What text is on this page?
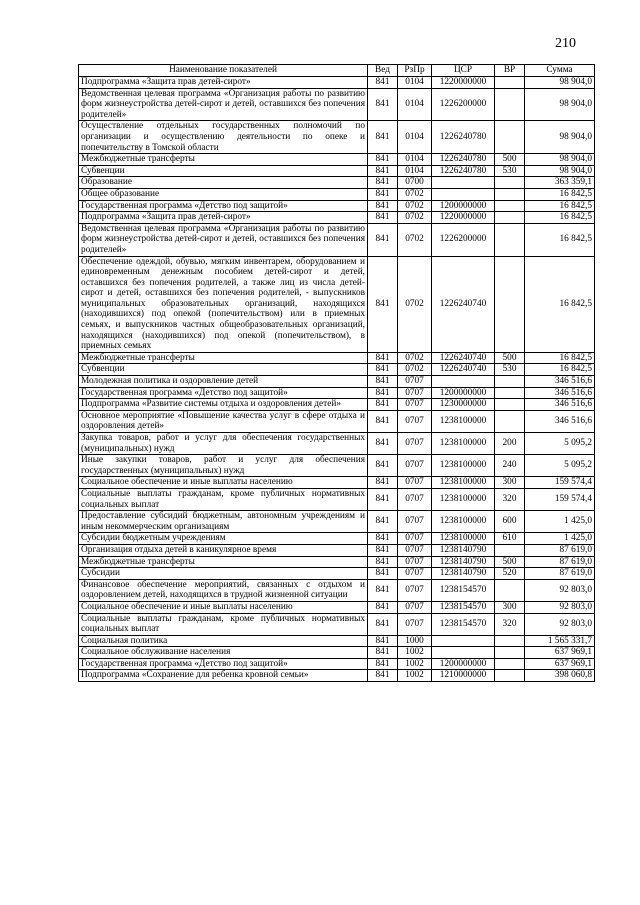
210
Наименование показателей	Вед	РзПр	ЦСР	ВР	Сумма
Подпрограмма «Защита прав детей-сирот»	841	0104	1220000000		98 904,0
Ведомственная целевая программа «Организация работы по развитию форм жизнеустройства детей-сирот и детей, оставшихся без попечения родителей»	841	0104	1226200000		98 904,0
Осуществление отдельных государственных полномочий по организации и осуществлению деятельности по опеке и попечительству в Томской области	841	0104	1226240780		98 904,0
Межбюджетные трансферты	841	0104	1226240780	500	98 904,0
Субвенции	841	0104	1226240780	530	98 904,0
Образование	841	0700			363 359,1
Общее образование	841	0702			16 842,5
Государственная программа «Детство под защитой»	841	0702	1200000000		16 842,5
Подпрограмма «Защита прав детей-сирот»	841	0702	1220000000		16 842,5
Ведомственная целевая программа «Организация работы по развитию форм жизнеустройства детей-сирот и детей, оставшихся без попечения родителей»	841	0702	1226200000		16 842,5
Обеспечение одеждой, обувью, мягким инвентарем, оборудованием и единовременным денежным пособием детей-сирот и детей, оставшихся без попечения родителей, а также лиц из числа детей-сирот и детей, оставшихся без попечения родителей, - выпускников муниципальных образовательных организаций, находящихся (находившихся) под опекой (попечительством) или в приемных семьях, и выпускников частных общеобразовательных организаций, находящихся (находившихся) под опекой (попечительством), в приемных семьях	841	0702	1226240740		16 842,5
Межбюджетные трансферты	841	0702	1226240740	500	16 842,5
Субвенции	841	0702	1226240740	530	16 842,5
Молодежная политика и оздоровление детей	841	0707			346 516,6
Государственная программа «Детство под защитой»	841	0707	1200000000		346 516,6
Подпрограмма «Развитие системы отдыха и оздоровления детей»	841	0707	1230000000		346 516,6
Основное мероприятие «Повышение качества услуг в сфере отдыха и оздоровления детей»	841	0707	1238100000		346 516,6
Закупка товаров, работ и услуг для обеспечения государственных (муниципальных) нужд	841	0707	1238100000	200	5 095,2
Иные закупки товаров, работ и услуг для обеспечения государственных (муниципальных) нужд	841	0707	1238100000	240	5 095,2
Социальное обеспечение и иные выплаты населению	841	0707	1238100000	300	159 574,4
Социальные выплаты гражданам, кроме публичных нормативных социальных выплат	841	0707	1238100000	320	159 574,4
Предоставление субсидий бюджетным, автономным учреждениям и иным некоммерческим организациям	841	0707	1238100000	600	1 425,0
Субсидии бюджетным учреждениям	841	0707	1238100000	610	1 425,0
Организация отдыха детей в каникулярное время	841	0707	1238140790		87 619,0
Межбюджетные трансферты	841	0707	1238140790	500	87 619,0
Субсидии	841	0707	1238140790	520	87 619,0
Финансовое обеспечение мероприятий, связанных с отдыхом и оздоровлением детей, находящихся в трудной жизненной ситуации	841	0707	1238154570		92 803,0
Социальное обеспечение и иные выплаты населению	841	0707	1238154570	300	92 803,0
Социальные выплаты гражданам, кроме публичных нормативных социальных выплат	841	0707	1238154570	320	92 803,0
Социальная политика	841	1000			1 565 331,7
Социальное обслуживание населения	841	1002			637 969,1
Государственная программа «Детство под защитой»	841	1002	1200000000		637 969,1
Подпрограмма «Сохранение для ребенка кровной семьи»	841	1002	1210000000		398 060,8
